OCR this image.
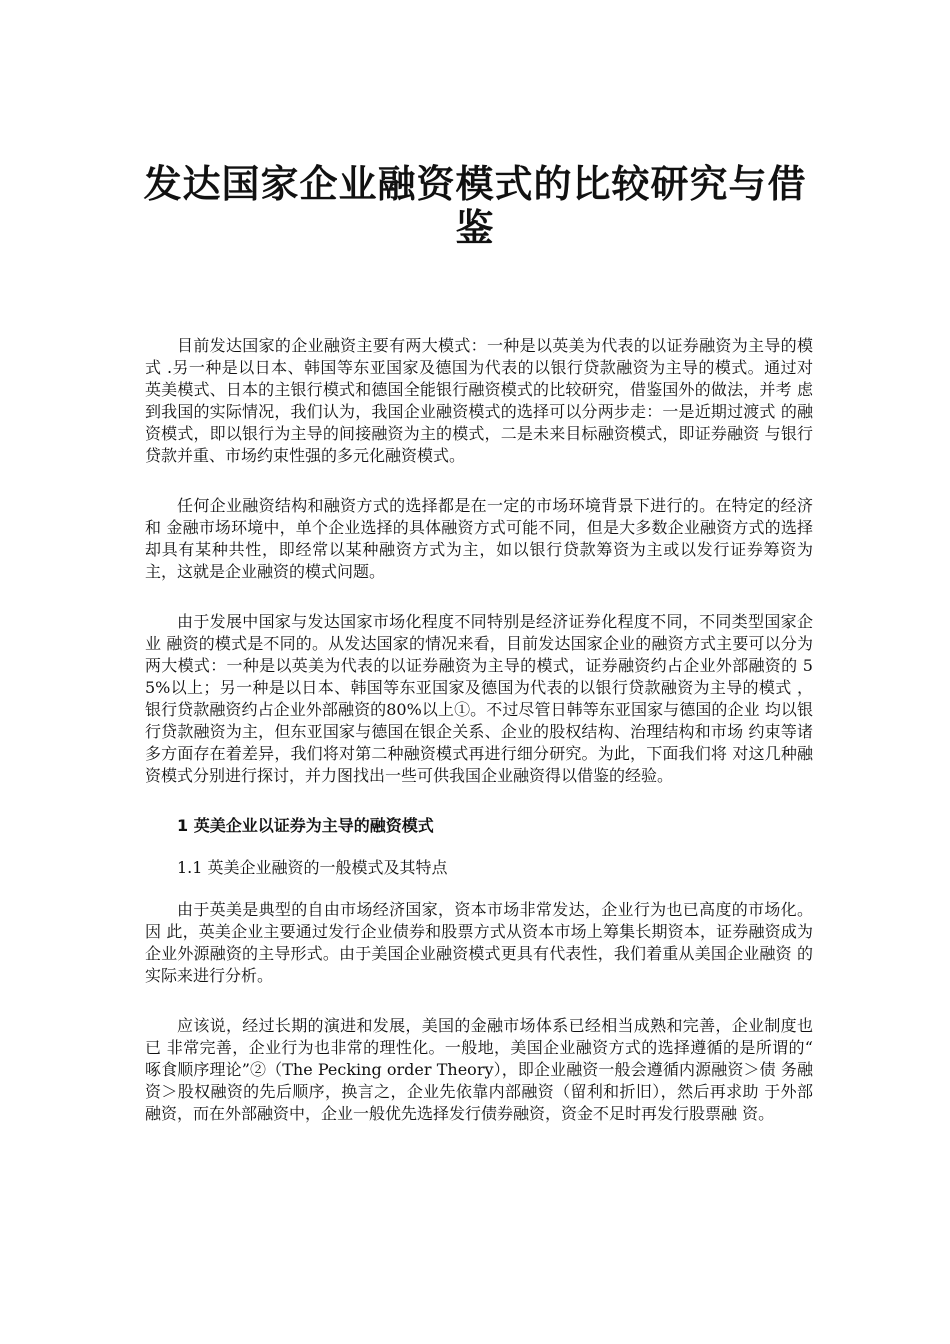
发达国家企业融资模式的比较研究与借鉴

目前发达国家的企业融资主要有两大模式：一种是以英美为代表的以证券融资为主导的模式 .另一种是以日本、韩国等东亚国家及德国为代表的以银行贷款融资为主导的模式。通过对 英美模式、日本的主银行模式和德国全能银行融资模式的比较研究，借鉴国外的做法，并考 虑到我国的实际情况，我们认为，我国企业融资模式的选择可以分两步走：一是近期过渡式 的融资模式，即以银行为主导的间接融资为主的模式，二是未来目标融资模式，即证券融资 与银行贷款并重、市场约束性强的多元化融资模式。

任何企业融资结构和融资方式的选择都是在一定的市场环境背景下进行的。在特定的经济和 金融市场环境中，单个企业选择的具体融资方式可能不同，但是大多数企业融资方式的选择 却具有某种共性，即经常以某种融资方式为主，如以银行贷款筹资为主或以发行证券筹资为 主，这就是企业融资的模式问题。

由于发展中国家与发达国家市场化程度不同特别是经济证券化程度不同，不同类型国家企业 融资的模式是不同的。从发达国家的情况来看，目前发达国家企业的融资方式主要可以分为 两大模式：一种是以英美为代表的以证券融资为主导的模式，证券融资约占企业外部融资的 55%以上；另一种是以日本、韩国等东亚国家及德国为代表的以银行贷款融资为主导的模式 ，银行贷款融资约占企业外部融资的80%以上①。不过尽管日韩等东亚国家与德国的企业 均以银行贷款融资为主，但东亚国家与德国在银企关系、企业的股权结构、治理结构和市场 约束等诸多方面存在着差异，我们将对第二种融资模式再进行细分研究。为此，下面我们将 对这几种融资模式分别进行探讨，并力图找出一些可供我国企业融资得以借鉴的经验。

1 英美企业以证券为主导的融资模式

1.1 英美企业融资的一般模式及其特点

由于英美是典型的自由市场经济国家，资本市场非常发达，企业行为也已高度的市场化。因 此，英美企业主要通过发行企业债券和股票方式从资本市场上筹集长期资本，证券融资成为 企业外源融资的主导形式。由于美国企业融资模式更具有代表性，我们着重从美国企业融资 的实际来进行分析。

应该说，经过长期的演进和发展，美国的金融市场体系已经相当成熟和完善，企业制度也已 非常完善，企业行为也非常的理性化。一般地，美国企业融资方式的选择遵循的是所谓的“ 啄食顺序理论”②（The Pecking order Theory），即企业融资一般会遵循内源融资＞债 务融资＞股权融资的先后顺序，换言之，企业先依靠内部融资（留利和折旧），然后再求助 于外部融资，而在外部融资中，企业一般优先选择发行债券融资，资金不足时再发行股票融 资。
